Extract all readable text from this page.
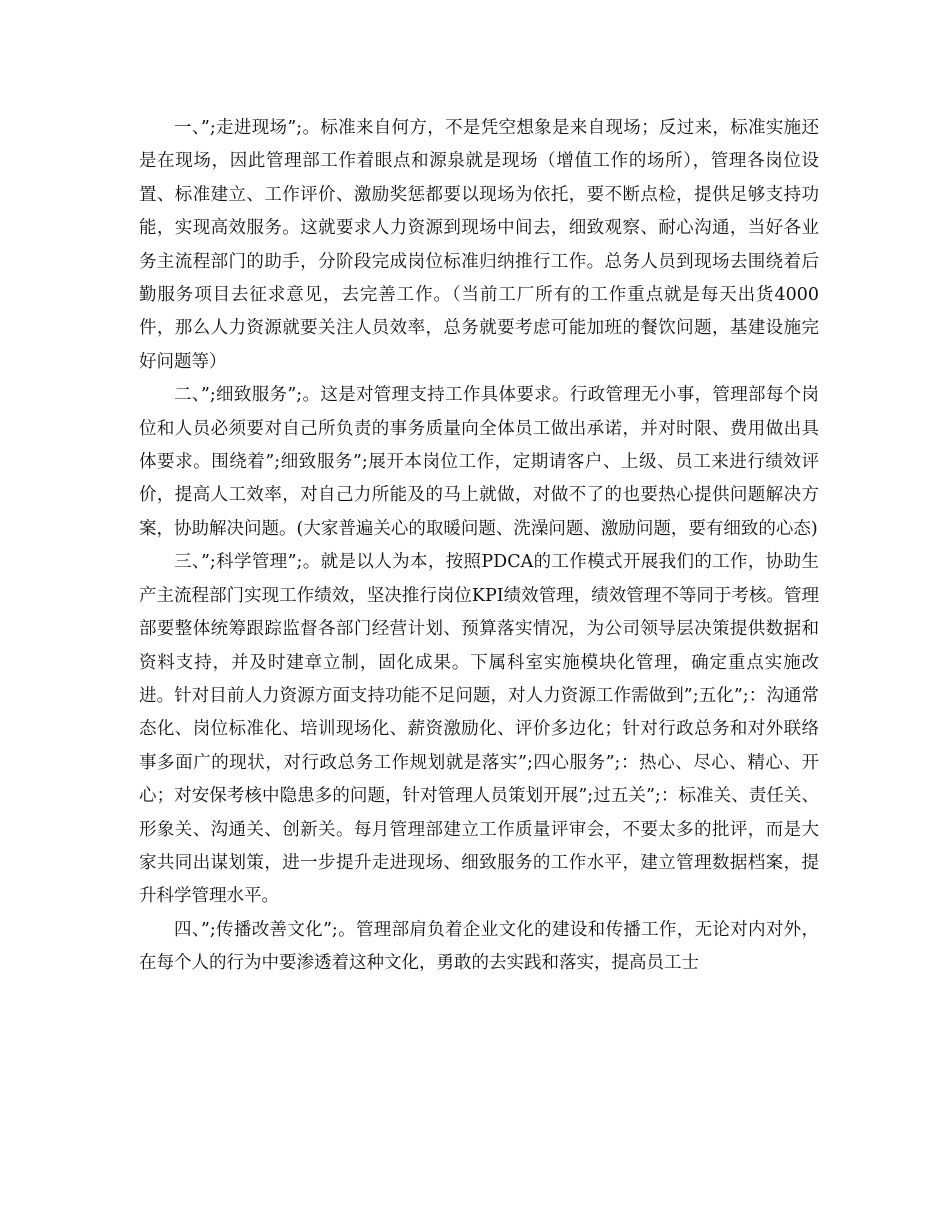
一、”;走进现场”;。标准来自何方，不是凭空想象是来自现场；反过来，标准实施还是在现场，因此管理部工作着眼点和源泉就是现场（增值工作的场所），管理各岗位设置、标准建立、工作评价、激励奖惩都要以现场为依托，要不断点检，提供足够支持功能，实现高效服务。这就要求人力资源到现场中间去，细致观察、耐心沟通，当好各业务主流程部门的助手，分阶段完成岗位标准归纳推行工作。总务人员到现场去围绕着后勤服务项目去征求意见，去完善工作。（当前工厂所有的工作重点就是每天出货4000件，那么人力资源就要关注人员效率，总务就要考虑可能加班的餐饮问题，基建设施完好问题等）

二、”;细致服务”;。这是对管理支持工作具体要求。行政管理无小事，管理部每个岗位和人员必须要对自己所负责的事务质量向全体员工做出承诺，并对时限、费用做出具体要求。围绕着”;细致服务”;展开本岗位工作，定期请客户、上级、员工来进行绩效评价，提高人工效率，对自己力所能及的马上就做，对做不了的也要热心提供问题解决方案，协助解决问题。(大家普遍关心的取暖问题、洗澡问题、激励问题，要有细致的心态)

三、”;科学管理”;。就是以人为本，按照PDCA的工作模式开展我们的工作，协助生产主流程部门实现工作绩效，坚决推行岗位KPI绩效管理，绩效管理不等同于考核。管理部要整体统筹跟踪监督各部门经营计划、预算落实情况，为公司领导层决策提供数据和资料支持，并及时建章立制，固化成果。下属科室实施模块化管理，确定重点实施改进。针对目前人力资源方面支持功能不足问题，对人力资源工作需做到”;五化”;：沟通常态化、岗位标准化、培训现场化、薪资激励化、评价多边化；针对行政总务和对外联络事多面广的现状，对行政总务工作规划就是落实”;四心服务”;：热心、尽心、精心、开心；对安保考核中隐患多的问题，针对管理人员策划开展”;过五关”;：标准关、责任关、形象关、沟通关、创新关。每月管理部建立工作质量评审会，不要太多的批评，而是大家共同出谋划策，进一步提升走进现场、细致服务的工作水平，建立管理数据档案，提升科学管理水平。

四、”;传播改善文化”;。管理部肩负着企业文化的建设和传播工作，无论对内对外，在每个人的行为中要渗透着这种文化，勇敢的去实践和落实，提高员工士
